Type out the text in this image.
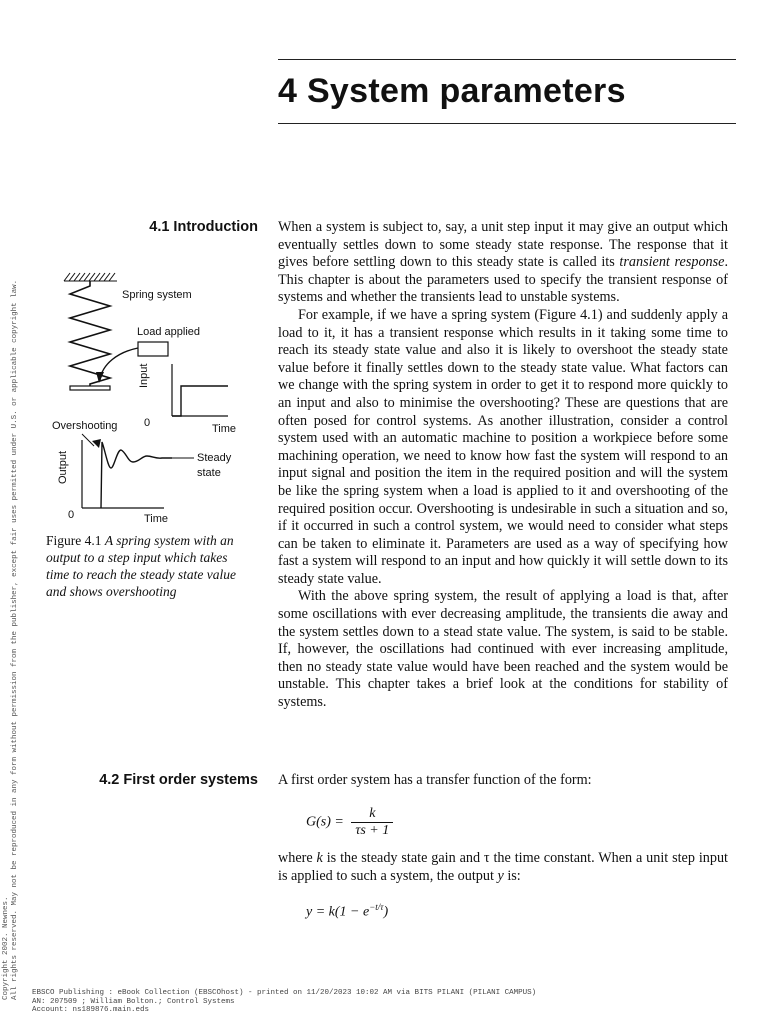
4 System parameters
4.1 Introduction When a system is subject to, say, a unit step input it may give an output which eventually settles down to some steady state response. The response that it gives before settling down to this steady state is called its transient response. This chapter is about the parameters used to specify the transient response of systems and whether the transients lead to unstable systems.

For example, if we have a spring system (Figure 4.1) and suddenly apply a load to it, it has a transient response which results in it taking some time to reach its steady state value and also it is likely to overshoot the steady state value before it finally settles down to the steady state value. What factors can we change with the spring system in order to get it to respond more quickly to an input and also to minimise the overshooting? These are questions that are often posed for control systems. As another illustration, consider a control system used with an automatic machine to position a workpiece before some machining operation, we need to know how fast the system will respond to an input signal and position the item in the required position and will the system be like the spring system when a load is applied to it and overshooting of the required position occur. Overshooting is undesirable in such a situation and so, if it occurred in such a control system, we would need to consider what steps can be taken to eliminate it. Parameters are used as a way of specifying how fast a system will respond to an input and how quickly it will settle down to its steady state value.

With the above spring system, the result of applying a load is that, after some oscillations with ever decreasing amplitude, the transients die away and the system settles down to a stead state value. The system, is said to be stable. If, however, the oscillations had continued with ever increasing amplitude, then no steady state value would have been reached and the system would be unstable. This chapter takes a brief look at the conditions for stability of systems.

Spring system
Load applied
Input
0	Time
Overshooting
Output	Steady
state
0	Time
Figure 4.1 A spring system with an output to a step input which takes time to reach the steady state value and shows overshooting
4.2 First order systems A first order system has a transfer function of the form:

$G(s) = \frac{k}{\tau s + 1}$

where k is the steady state gain and τ the time constant. When a unit step input is applied to such a system, the output y is:

$y = k(1 - e^{-t/\tau})$
Copyright 2002. Newnes. All rights reserved. May not be reproduced in any form without permission from the publisher, except fair uses permitted under U.S. or applicable copyright law. EBSCO Publishing : eBook Collection (EBSCOhost) - printed on 11/20/2023 10:02 AM via BITS PILANI (PILANI CAMPUS)
AN: 207509 ; William Bolton.; Control Systems
Account: ns189876.main.eds
